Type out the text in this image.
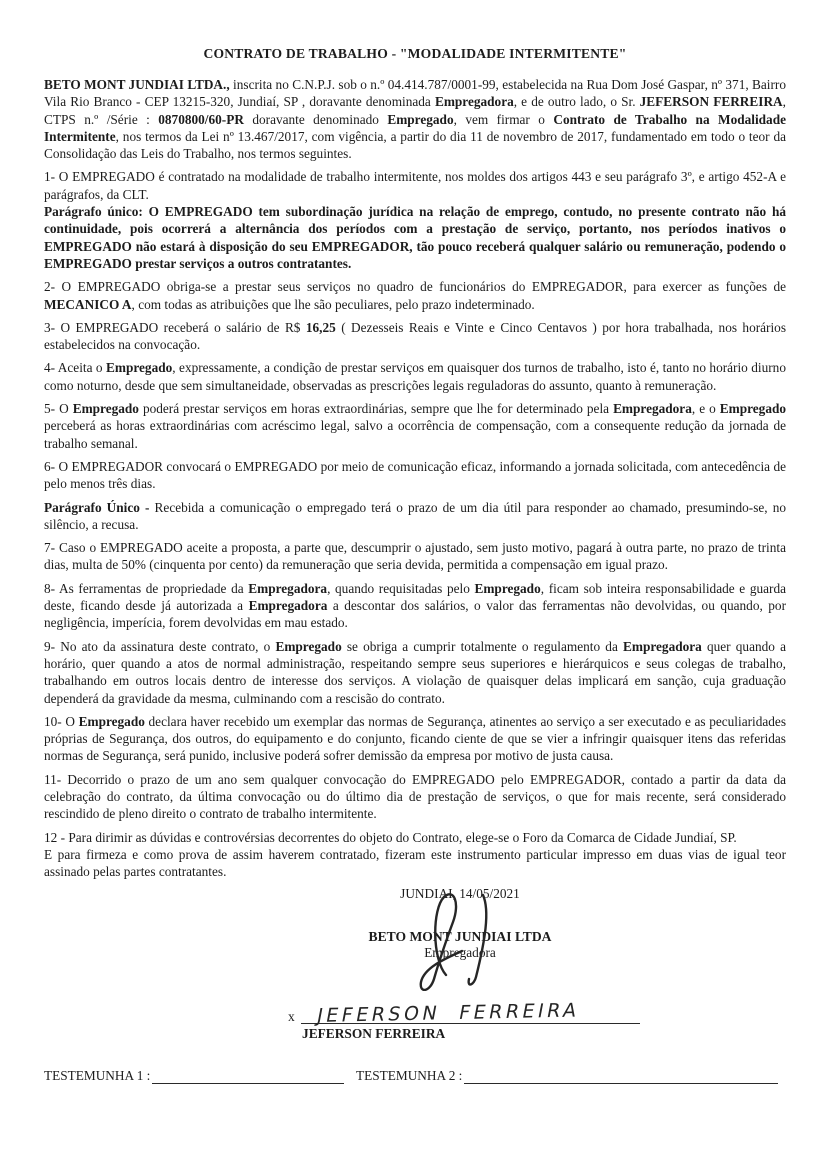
CONTRATO DE TRABALHO - "MODALIDADE INTERMITENTE"

BETO MONT JUNDIAI LTDA., inscrita no C.N.P.J. sob o n.º 04.414.787/0001-99, estabelecida na Rua Dom José Gaspar, nº 371, Bairro Vila Rio Branco - CEP 13215-320, Jundiaí, SP , doravante denominada Empregadora, e de outro lado, o Sr. JEFERSON FERREIRA, CTPS n.º /Série : 0870800/60-PR doravante denominado Empregado, vem firmar o Contrato de Trabalho na Modalidade Intermitente, nos termos da Lei nº 13.467/2017, com vigência, a partir do dia 11 de novembro de 2017, fundamentado em todo o teor da Consolidação das Leis do Trabalho, nos termos seguintes.

1- O EMPREGADO é contratado na modalidade de trabalho intermitente, nos moldes dos artigos 443 e seu parágrafo 3º, e artigo 452-A e parágrafos, da CLT.

Parágrafo único: O EMPREGADO tem subordinação jurídica na relação de emprego, contudo, no presente contrato não há continuidade, pois ocorrerá a alternância dos períodos com a prestação de serviço, portanto, nos períodos inativos o EMPREGADO não estará à disposição do seu EMPREGADOR, tão pouco receberá qualquer salário ou remuneração, podendo o EMPREGADO prestar serviços a outros contratantes.

2- O EMPREGADO obriga-se a prestar seus serviços no quadro de funcionários do EMPREGADOR, para exercer as funções de MECANICO A, com todas as atribuições que lhe são peculiares, pelo prazo indeterminado.

3- O EMPREGADO receberá o salário de R$ 16,25 ( Dezesseis Reais e Vinte e Cinco Centavos ) por hora trabalhada, nos horários estabelecidos na convocação.

4- Aceita o Empregado, expressamente, a condição de prestar serviços em quaisquer dos turnos de trabalho, isto é, tanto no horário diurno como noturno, desde que sem simultaneidade, observadas as prescrições legais reguladoras do assunto, quanto à remuneração.

5- O Empregado poderá prestar serviços em horas extraordinárias, sempre que lhe for determinado pela Empregadora, e o Empregado perceberá as horas extraordinárias com acréscimo legal, salvo a ocorrência de compensação, com a consequente redução da jornada de trabalho semanal.

6- O EMPREGADOR convocará o EMPREGADO por meio de comunicação eficaz, informando a jornada solicitada, com antecedência de pelo menos três dias.

Parágrafo Único - Recebida a comunicação o empregado terá o prazo de um dia útil para responder ao chamado, presumindo-se, no silêncio, a recusa.

7- Caso o EMPREGADO aceite a proposta, a parte que, descumprir o ajustado, sem justo motivo, pagará à outra parte, no prazo de trinta dias, multa de 50% (cinquenta por cento) da remuneração que seria devida, permitida a compensação em igual prazo.

8- As ferramentas de propriedade da Empregadora, quando requisitadas pelo Empregado, ficam sob inteira responsabilidade e guarda deste, ficando desde já autorizada a Empregadora a descontar dos salários, o valor das ferramentas não devolvidas, ou quando, por negligência, imperícia, forem devolvidas em mau estado.

9- No ato da assinatura deste contrato, o Empregado se obriga a cumprir totalmente o regulamento da Empregadora quer quando a horário, quer quando a atos de normal administração, respeitando sempre seus superiores e hierárquicos e seus colegas de trabalho, trabalhando em outros locais dentro de interesse dos serviços. A violação de quaisquer delas implicará em sanção, cuja graduação dependerá da gravidade da mesma, culminando com a rescisão do contrato.

10- O Empregado declara haver recebido um exemplar das normas de Segurança, atinentes ao serviço a ser executado e as peculiaridades próprias de Segurança, dos outros, do equipamento e do conjunto, ficando ciente de que se vier a infringir quaisquer itens das referidas normas de Segurança, será punido, inclusive poderá sofrer demissão da empresa por motivo de justa causa.

11- Decorrido o prazo de um ano sem qualquer convocação do EMPREGADO pelo EMPREGADOR, contado a partir da data da celebração do contrato, da última convocação ou do último dia de prestação de serviços, o que for mais recente, será considerado rescindido de pleno direito o contrato de trabalho intermitente.

12 - Para dirimir as dúvidas e controvérsias decorrentes do objeto do Contrato, elege-se o Foro da Comarca de Cidade Jundiaí, SP.

E para firmeza e como prova de assim haverem contratado, fizeram este instrumento particular impresso em duas vias de igual teor assinado pelas partes contratantes.

JUNDIAI, 14/05/2021
BETO MONT JUNDIAI LTDA
Empregadora
x JEFERSON  FERREIRA
JEFERSON FERREIRA
TESTEMUNHA 1 :	TESTEMUNHA 2 :
